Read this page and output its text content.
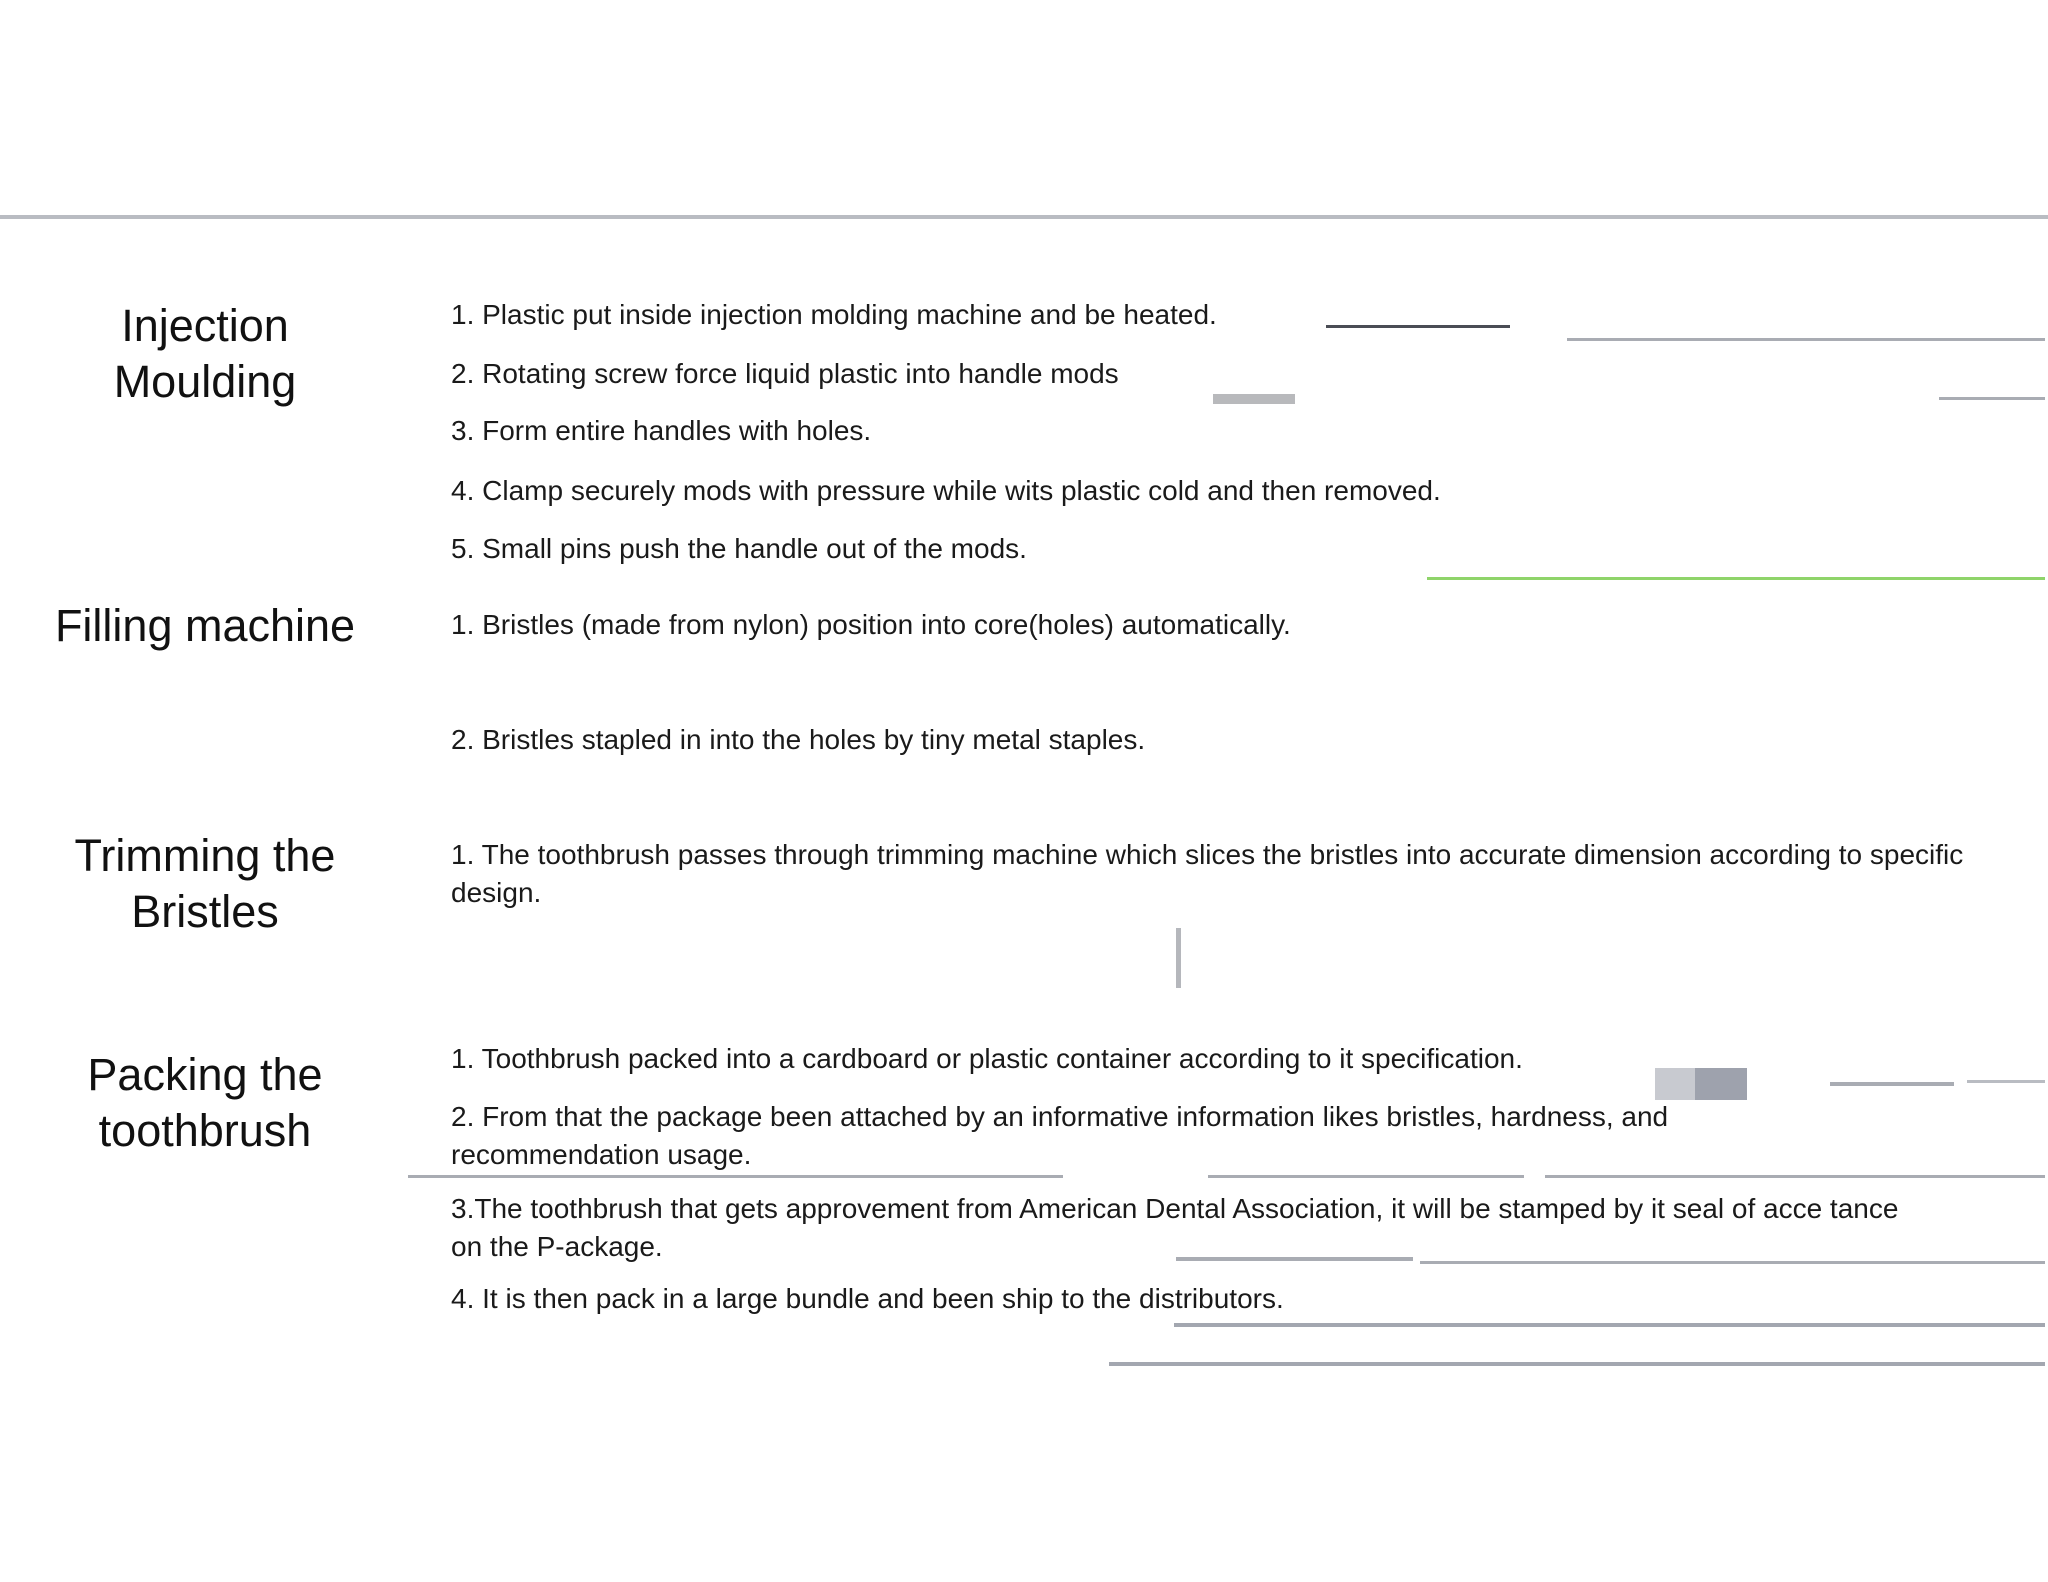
Injection
Moulding
1. Plastic put inside injection molding machine and be heated.
2. Rotating screw force liquid plastic into handle mods
3. Form entire handles with holes.
4. Clamp securely mods with pressure while wits plastic cold and then removed.
5. Small pins push the handle out of the mods.
Filling machine	1. Bristles (made from nylon) position into core(holes) automatically.
2. Bristles stapled in into the holes by tiny metal staples.
Trimming the
Bristles
1. The toothbrush passes through trimming machine which slices the bristles into accurate dimension according to specific design.
Packing the
toothbrush
1. Toothbrush packed into a cardboard or plastic container according to it specification.
2. From that the package been attached by an informative information likes bristles, hardness, and recommendation usage.
3.The toothbrush that gets approvement from American Dental Association, it will be stamped by it seal of acce tance on the P-ackage.
4. It is then pack in a large bundle and been ship to the distributors.
